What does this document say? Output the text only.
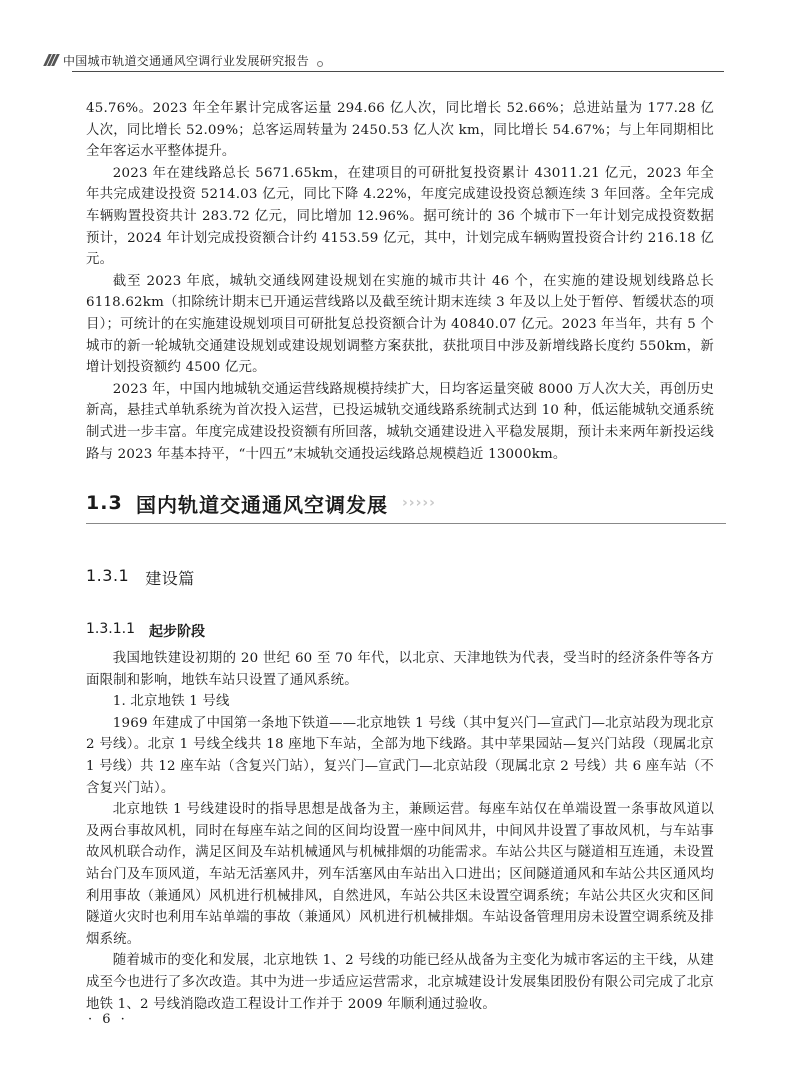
中国城市轨道交通通风空调行业发展研究报告

45.76%。2023 年全年累计完成客运量 294.66 亿人次，同比增长 52.66%；总进站量为 177.28 亿人次，同比增长 52.09%；总客运周转量为 2450.53 亿人次 km，同比增长 54.67%；与上年同期相比全年客运水平整体提升。

2023 年在建线路总长 5671.65km，在建项目的可研批复投资累计 43011.21 亿元，2023 年全年共完成建设投资 5214.03 亿元，同比下降 4.22%，年度完成建设投资总额连续 3 年回落。全年完成车辆购置投资共计 283.72 亿元，同比增加 12.96%。据可统计的 36 个城市下一年计划完成投资数据预计，2024 年计划完成投资额合计约 4153.59 亿元，其中，计划完成车辆购置投资合计约 216.18 亿元。

截至 2023 年底，城轨交通线网建设规划在实施的城市共计 46 个，在实施的建设规划线路总长 6118.62km（扣除统计期末已开通运营线路以及截至统计期末连续 3 年及以上处于暂停、暂缓状态的项目）；可统计的在实施建设规划项目可研批复总投资额合计为 40840.07 亿元。2023 年当年，共有 5 个城市的新一轮城轨交通建设规划或建设规划调整方案获批，获批项目中涉及新增线路长度约 550km，新增计划投资额约 4500 亿元。

2023 年，中国内地城轨交通运营线路规模持续扩大，日均客运量突破 8000 万人次大关，再创历史新高，悬挂式单轨系统为首次投入运营，已投运城轨交通线路系统制式达到 10 种，低运能城轨交通系统制式进一步丰富。年度完成建设投资额有所回落，城轨交通建设进入平稳发展期，预计未来两年新投运线路与 2023 年基本持平，“十四五”末城轨交通投运线路总规模趋近 13000km。

1.3 国内轨道交通通风空调发展 › › › › ›
1.3.1 建设篇
1.3.1.1 起步阶段

我国地铁建设初期的 20 世纪 60 至 70 年代，以北京、天津地铁为代表，受当时的经济条件等各方面限制和影响，地铁车站只设置了通风系统。

1. 北京地铁 1 号线

1969 年建成了中国第一条地下铁道——北京地铁 1 号线（其中复兴门—宣武门—北京站段为现北京 2 号线）。北京 1 号线全线共 18 座地下车站，全部为地下线路。其中苹果园站—复兴门站段（现属北京 1 号线）共 12 座车站（含复兴门站），复兴门—宣武门—北京站段（现属北京 2 号线）共 6 座车站（不含复兴门站）。

北京地铁 1 号线建设时的指导思想是战备为主，兼顾运营。每座车站仅在单端设置一条事故风道以及两台事故风机，同时在每座车站之间的区间均设置一座中间风井，中间风井设置了事故风机，与车站事故风机联合动作，满足区间及车站机械通风与机械排烟的功能需求。车站公共区与隧道相互连通，未设置站台门及车顶风道，车站无活塞风井，列车活塞风由车站出入口进出；区间隧道通风和车站公共区通风均利用事故（兼通风）风机进行机械排风，自然进风，车站公共区未设置空调系统；车站公共区火灾和区间隧道火灾时也利用车站单端的事故（兼通风）风机进行机械排烟。车站设备管理用房未设置空调系统及排烟系统。

随着城市的变化和发展，北京地铁 1、2 号线的功能已经从战备为主变化为城市客运的主干线，从建成至今也进行了多次改造。其中为进一步适应运营需求，北京城建设计发展集团股份有限公司完成了北京地铁 1、2 号线消隐改造工程设计工作并于 2009 年顺利通过验收。

· 6 ·
